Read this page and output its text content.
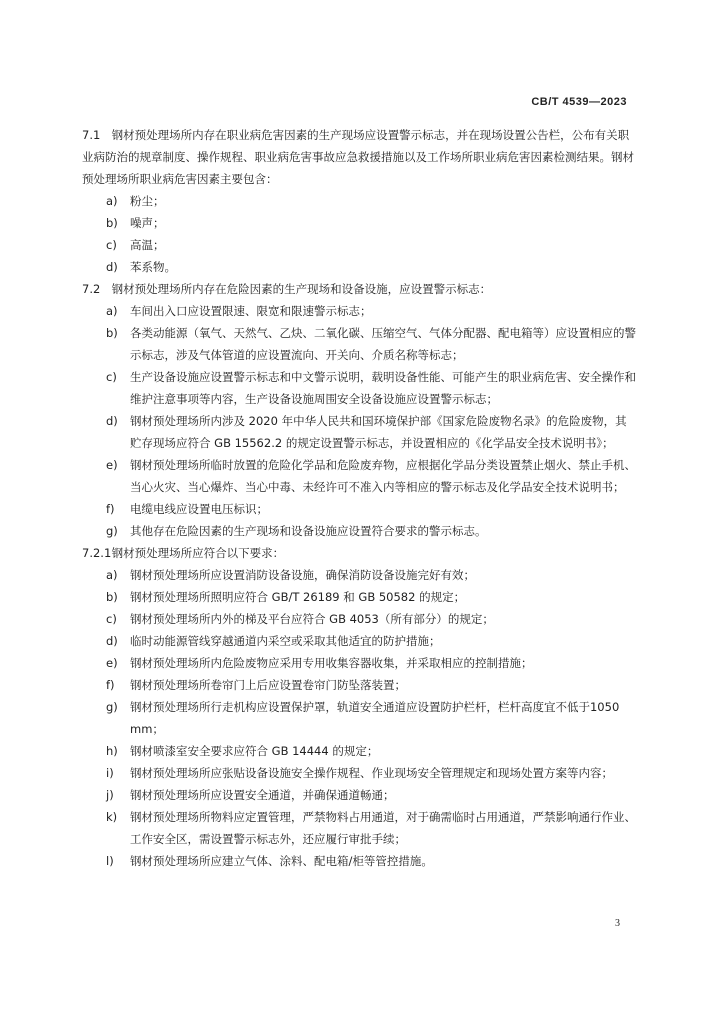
CB/T 4539—2023

7.1 钢材预处理场所内存在职业病危害因素的生产现场应设置警示标志，并在现场设置公告栏，公布有关职业病防治的规章制度、操作规程、职业病危害事故应急救援措施以及工作场所职业病危害因素检测结果。钢材预处理场所职业病危害因素主要包含：

a)	粉尘；
b)	噪声；
c)	高温；
d)	苯系物。

7.2 钢材预处理场所内存在危险因素的生产现场和设备设施，应设置警示标志：

a)	车间出入口应设置限速、限宽和限速警示标志；
b)	各类动能源（氧气、天然气、乙炔、二氧化碳、压缩空气、气体分配器、配电箱等）应设置相应的警示标志，涉及气体管道的应设置流向、开关向、介质名称等标志；
c)	生产设备设施应设置警示标志和中文警示说明，载明设备性能、可能产生的职业病危害、安全操作和维护注意事项等内容，生产设备设施周围安全设备设施应设置警示标志；
d)	钢材预处理场所内涉及 2020 年中华人民共和国环境保护部《国家危险废物名录》的危险废物，其贮存现场应符合 GB 15562.2 的规定设置警示标志，并设置相应的《化学品安全技术说明书》；
e)	钢材预处理场所临时放置的危险化学品和危险废弃物，应根据化学品分类设置禁止烟火、禁止手机、当心火灾、当心爆炸、当心中毒、未经许可不准入内等相应的警示标志及化学品安全技术说明书；
f)	电缆电线应设置电压标识；
g)	其他存在危险因素的生产现场和设备设施应设置符合要求的警示标志。

7.2.1 钢材预处理场所应符合以下要求：

a)	钢材预处理场所应设置消防设备设施，确保消防设备设施完好有效；
b)	钢材预处理场所照明应符合 GB/T 26189 和 GB 50582 的规定；
c)	钢材预处理场所内外的梯及平台应符合 GB 4053（所有部分）的规定；
d)	临时动能源管线穿越通道内采空或采取其他适宜的防护措施；
e)	钢材预处理场所内危险废物应采用专用收集容器收集，并采取相应的控制措施；
f)	钢材预处理场所卷帘门上后应设置卷帘门防坠落装置；
g)	钢材预处理场所行走机构应设置保护罩，轨道安全通道应设置防护栏杆，栏杆高度宜不低于1050 mm；
h)	钢材喷漆室安全要求应符合 GB 14444 的规定；
i)	钢材预处理场所应张贴设备设施安全操作规程、作业现场安全管理规定和现场处置方案等内容；
j)	钢材预处理场所应设置安全通道，并确保通道畅通；
k)	钢材预处理场所物料应定置管理，严禁物料占用通道，对于确需临时占用通道，严禁影响通行作业、工作安全区，需设置警示标志外，还应履行审批手续；
l)	钢材预处理场所应建立气体、涂料、配电箱/柜等管控措施。
3
